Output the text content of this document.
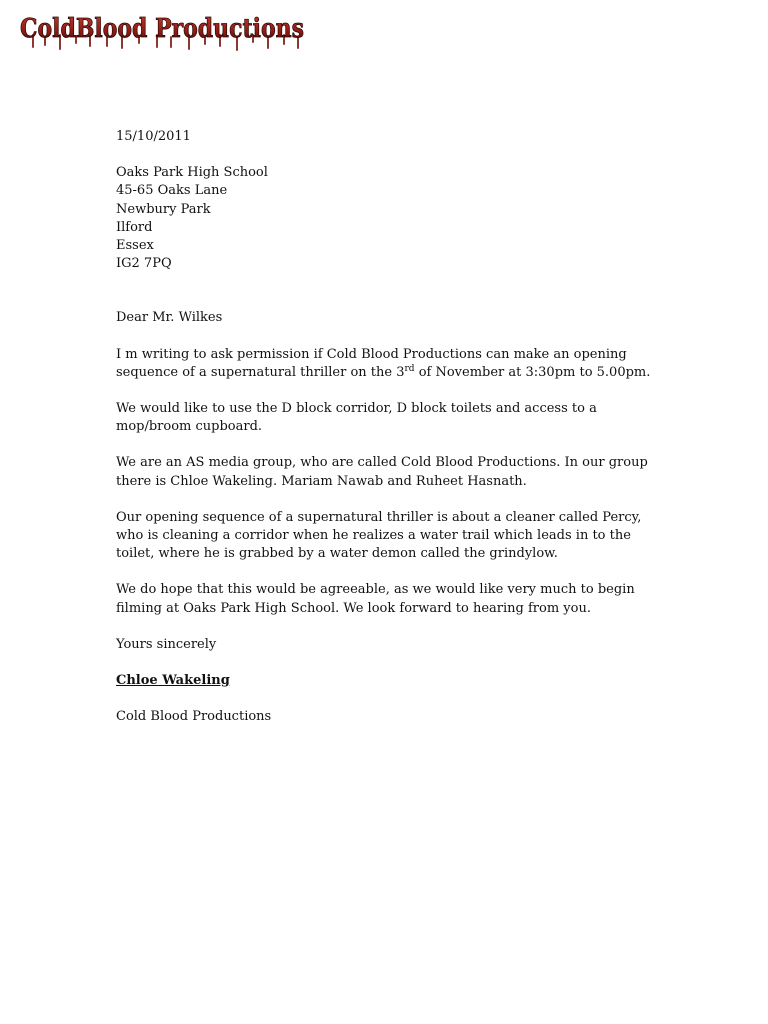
ColdBlood Productions

15/10/2011

Oaks Park High School

45-65 Oaks Lane

Newbury Park

Ilford

Essex

IG2 7PQ

Dear Mr. Wilkes

I m writing to ask permission if Cold Blood Productions can make an opening

sequence of a supernatural thriller on the 3rd of November at 3:30pm to 5.00pm.

We would like to use the D block corridor, D block toilets and access to a

mop/broom cupboard.

We are an AS media group, who are called Cold Blood Productions. In our group

there is Chloe Wakeling. Mariam Nawab and Ruheet Hasnath.

Our opening sequence of a supernatural thriller is about a cleaner called Percy,

who is cleaning a corridor when he realizes a water trail which leads in to the

toilet, where he is grabbed by a water demon called the grindylow.

We do hope that this would be agreeable, as we would like very much to begin

filming at Oaks Park High School. We look forward to hearing from you.

Yours sincerely

Chloe Wakeling

Cold Blood Productions
